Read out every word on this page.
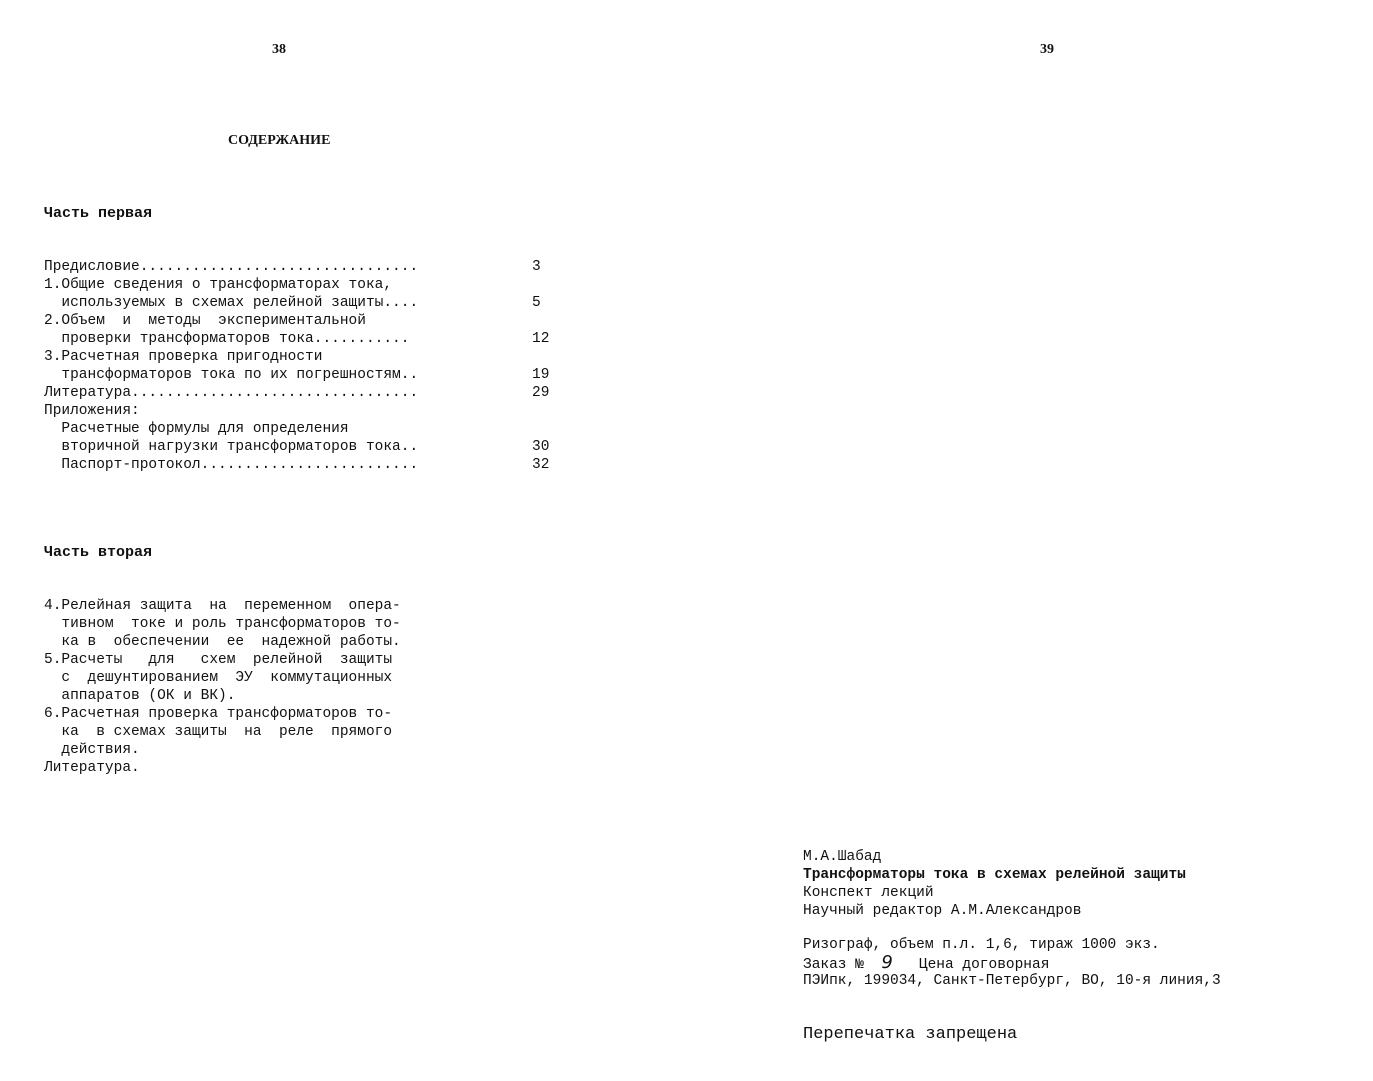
38	39
СОДЕРЖАНИЕ
Часть первая
Предисловие................................	3
1.Общие сведения о трансформаторах тока,
используемых в схемах релейной защиты....	5
2.Объем  и  методы  экспериментальной
проверки трансформаторов тока...........	12
3.Расчетная проверка пригодности
трансформаторов тока по их погрешностям..	19
Литература.................................	29
Приложения:
Расчетные формулы для определения
вторичной нагрузки трансформаторов тока..	30
Паспорт-протокол.........................	32
Часть вторая
4.Релейная защита  на  переменном  опера-
тивном  токе и роль трансформаторов то-
ка в  обеспечении  ее  надежной работы.
5.Расчеты   для   схем  релейной  защиты
с  дешунтированием  ЭУ  коммутационных
аппаратов (ОК и ВК).
6.Расчетная проверка трансформаторов то-
ка  в схемах защиты  на  реле  прямого
действия.
Литература.
М.А.Шабад
Трансформаторы тока в схемах релейной защиты
Конспект лекций
Научный редактор А.М.Александров
Ризограф, объем п.л. 1,6, тираж 1000 экз.
Заказ № 9 Цена договорная
ПЭИпк, 199034, Санкт-Петербург, ВО, 10-я линия,3
Перепечатка запрещена
